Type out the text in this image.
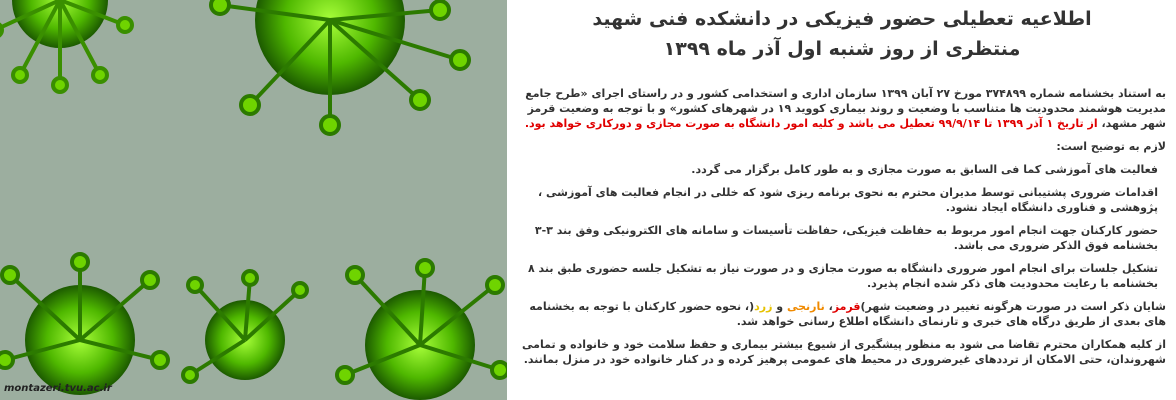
montazeri.tvu.ac.ir
اطلاعیه تعطیلی حضور فیزیکی در دانشکده فنی شهید
منتظری از روز شنبه اول آذر ماه ۱۳۹۹

به استناد بخشنامه شماره ۳۷۴۸۹۹ مورخ ۲۷ آبان ۱۳۹۹ سازمان اداری و استخدامی کشور و در راستای اجرای «طرح جامع مدیریت هوشمند محدودیت ها متناسب با وضعیت و روند بیماری کووید ۱۹ در شهرهای کشور» و با توجه به وضعیت قرمز شهر مشهد، از تاریخ ۱ آذر ۱۳۹۹ تا ۹۹/۹/۱۴ تعطیل می باشد و کلیه امور دانشگاه به صورت مجازی و دورکاری خواهد بود.

لازم به توضیح است:

فعالیت های آموزشی کما فی السابق به صورت مجازی و به طور کامل برگزار می گردد.

اقدامات ضروری پشتیبانی توسط مدیران محترم به نحوی برنامه ریزی شود که خللی در انجام فعالیت های آموزشی ، پژوهشی و فناوری دانشگاه ایجاد نشود.

حضور کارکنان جهت انجام امور مربوط به حفاظت فیزیکی، حفاظت تأسیسات و سامانه های الکترونیکی وفق بند ۳-۳ بخشنامه فوق الذکر ضروری می باشد.

تشکیل جلسات برای انجام امور ضروری دانشگاه به صورت مجازی و در صورت نیاز به تشکیل جلسه حضوری طبق بند ۸ بخشنامه با رعایت محدودیت های ذکر شده انجام پذیرد.

شایان ذکر است در صورت هرگونه تغییر در وضعیت شهر)قرمز، نارنجی و زرد(، نحوه حضور کارکنان با توجه به بخشنامه های بعدی از طریق درگاه های خبری و تارنمای دانشگاه اطلاع رسانی خواهد شد.

از کلیه همکاران محترم تقاضا می شود به منظور پیشگیری از شیوع بیشتر بیماری و حفظ سلامت خود و خانواده و تمامی شهروندان، حتی الامکان از ترددهای غیرضروری در محیط های عمومی پرهیز کرده و در کنار خانواده خود در منزل بمانند.
